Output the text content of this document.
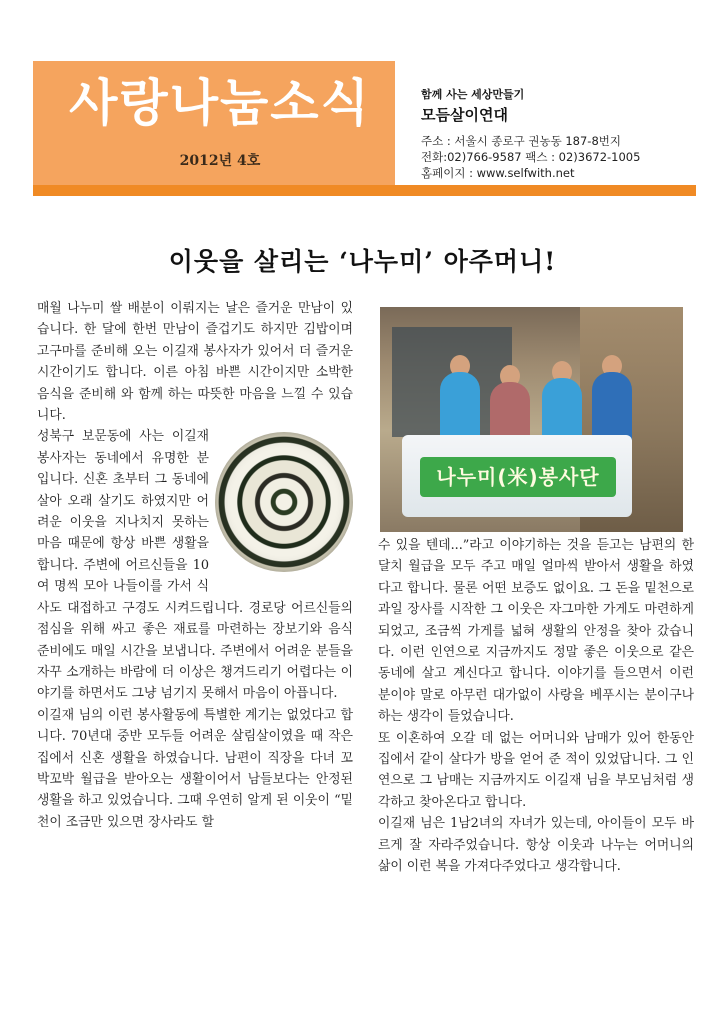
사랑나눔소식
2012년 4호

함께 사는 세상만들기

모듬살이연대

주소 : 서울시 종로구 권농동 187-8번지

전화:02)766-9587 팩스 : 02)3672-1005

홈페이지 : www.selfwith.net

이웃을 살리는 ‘나누미’ 아주머니!
나누미(米)봉사단

매월 나누미 쌀 배분이 이뤄지는 날은 즐거운 만남이 있습니다. 한 달에 한번 만남이 즐겁기도 하지만 김밥이며 고구마를 준비해 오는 이길재 봉사자가 있어서 더 즐거운 시간이기도 합니다. 이른 아침 바쁜 시간이지만 소박한 음식을 준비해 와 함께 하는 따뜻한 마음을 느낄 수 있습니다.

성북구 보문동에 사는 이길재 봉사자는 동네에서 유명한 분입니다. 신혼 초부터 그 동네에 살아 오래 살기도 하였지만 어려운 이웃을 지나치지 못하는 마음 때문에 항상 바쁜 생활을 합니다. 주변에 어르신들을 10여 명씩 모아 나들이를 가서 식사도 대접하고 구경도 시켜드립니다. 경로당 어르신들의 점심을 위해 싸고 좋은 재료를 마련하는 장보기와 음식 준비에도 매일 시간을 보냅니다. 주변에서 어려운 분들을 자꾸 소개하는 바람에 더 이상은 챙겨드리기 어렵다는 이야기를 하면서도 그냥 넘기지 못해서 마음이 아픕니다.

이길재 님의 이런 봉사활동에 특별한 계기는 없었다고 합니다. 70년대 중반 모두들 어려운 살림살이였을 때 작은 집에서 신혼 생활을 하였습니다. 남편이 직장을 다녀 꼬박꼬박 월급을 받아오는 생활이어서 남들보다는 안정된 생활을 하고 있었습니다. 그때 우연히 알게 된 이웃이 “밑천이 조금만 있으면 장사라도 할

수 있을 텐데...”라고 이야기하는 것을 듣고는 남편의 한달치 월급을 모두 주고 매일 얼마씩 받아서 생활을 하였다고 합니다. 물론 어떤 보증도 없이요. 그 돈을 밑천으로 과일 장사를 시작한 그 이웃은 자그마한 가게도 마련하게 되었고, 조금씩 가게를 넓혀 생활의 안정을 찾아 갔습니다. 이런 인연으로 지금까지도 정말 좋은 이웃으로 같은 동네에 살고 계신다고 합니다. 이야기를 들으면서 이런 분이야 말로 아무런 대가없이 사랑을 베푸시는 분이구나 하는 생각이 들었습니다.

또 이혼하여 오갈 데 없는 어머니와 남매가 있어 한동안 집에서 같이 살다가 방을 얻어 준 적이 있었답니다. 그 인연으로 그 남매는 지금까지도 이길재 님을 부모님처럼 생각하고 찾아온다고 합니다.

이길재 님은 1남2녀의 자녀가 있는데, 아이들이 모두 바르게 잘 자라주었습니다. 항상 이웃과 나누는 어머니의 삶이 이런 복을 가져다주었다고 생각합니다.
